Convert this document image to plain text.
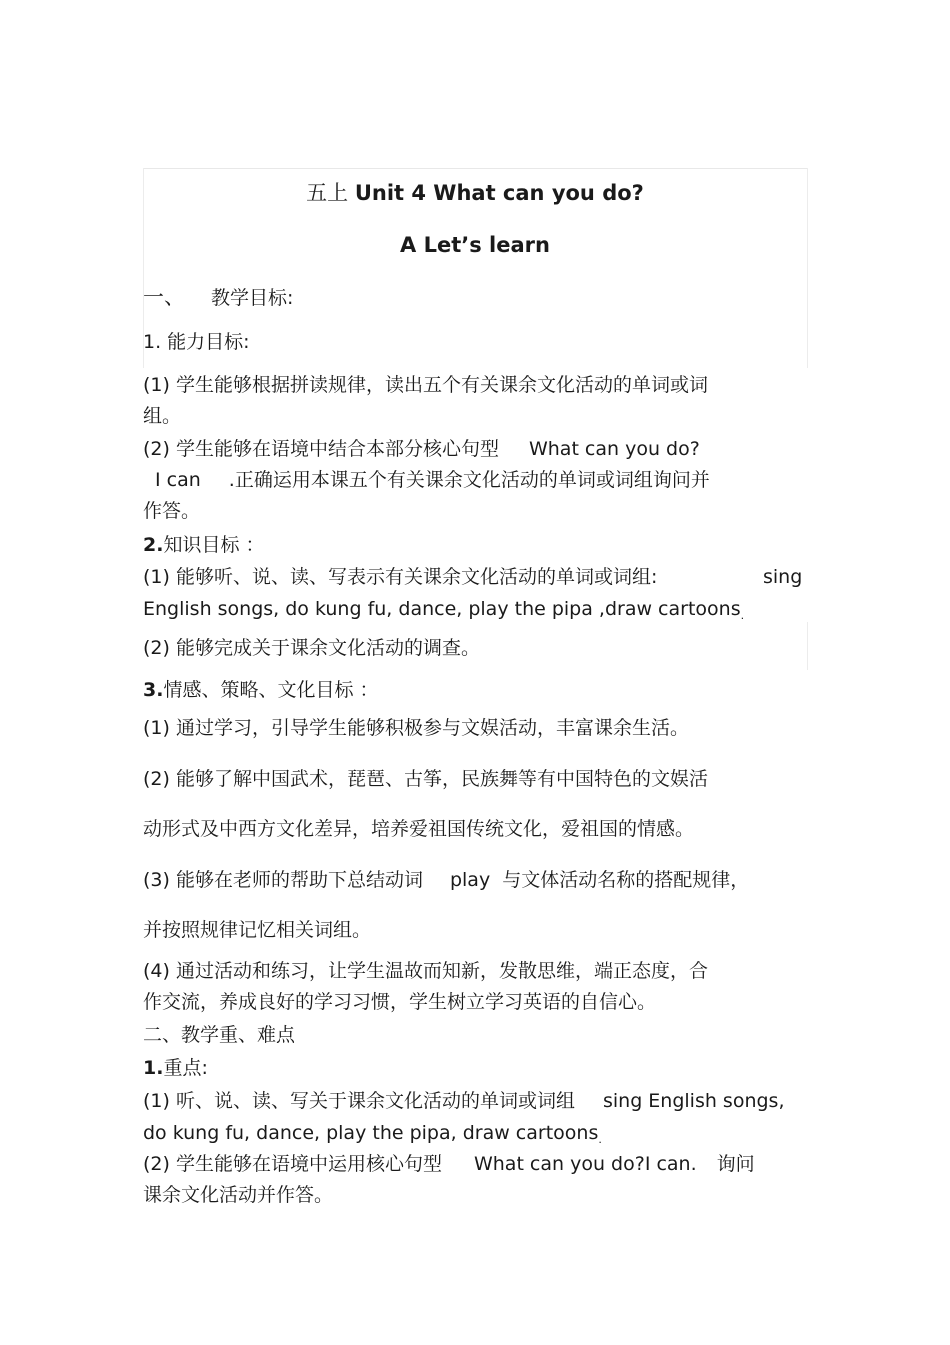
五上 Unit 4 What can you do?
A Let’s learn
一、 教学目标:
1. 能力目标:
(1) 学生能够根据拼读规律，读出五个有关课余文化活动的单词或词
组。
(2) 学生能够在语境中结合本部分核心句型 What can you do?
I can .正确运用本课五个有关课余文化活动的单词或词组询问并
作答。
2.知识目标 ：
(1) 能够听、说、读、写表示有关课余文化活动的单词或词组:	sing
English songs, do kung fu, dance, play the pipa ,draw cartoons$_.$
(2) 能够完成关于课余文化活动的调查。
3.情感、策略、文化目标 ：
(1) 通过学习，引导学生能够积极参与文娱活动，丰富课余生活。
(2) 能够了解中国武术，琵琶、古筝，民族舞等有中国特色的文娱活
动形式及中西方文化差异，培养爱祖国传统文化，爱祖国的情感。
(3) 能够在老师的帮助下总结动词 play 与文体活动名称的搭配规律，
并按照规律记忆相关词组。
(4) 通过活动和练习，让学生温故而知新，发散思维，端正态度，合
作交流，养成良好的学习习惯，学生树立学习英语的自信心。
二、教学重、难点
1.重点:
(1) 听、说、读、写关于课余文化活动的单词或词组 sing English songs,
do kung fu, dance, play the pipa, draw cartoons$_.$
(2) 学生能够在语境中运用核心句型 What can you do?I can. 询问
课余文化活动并作答。
